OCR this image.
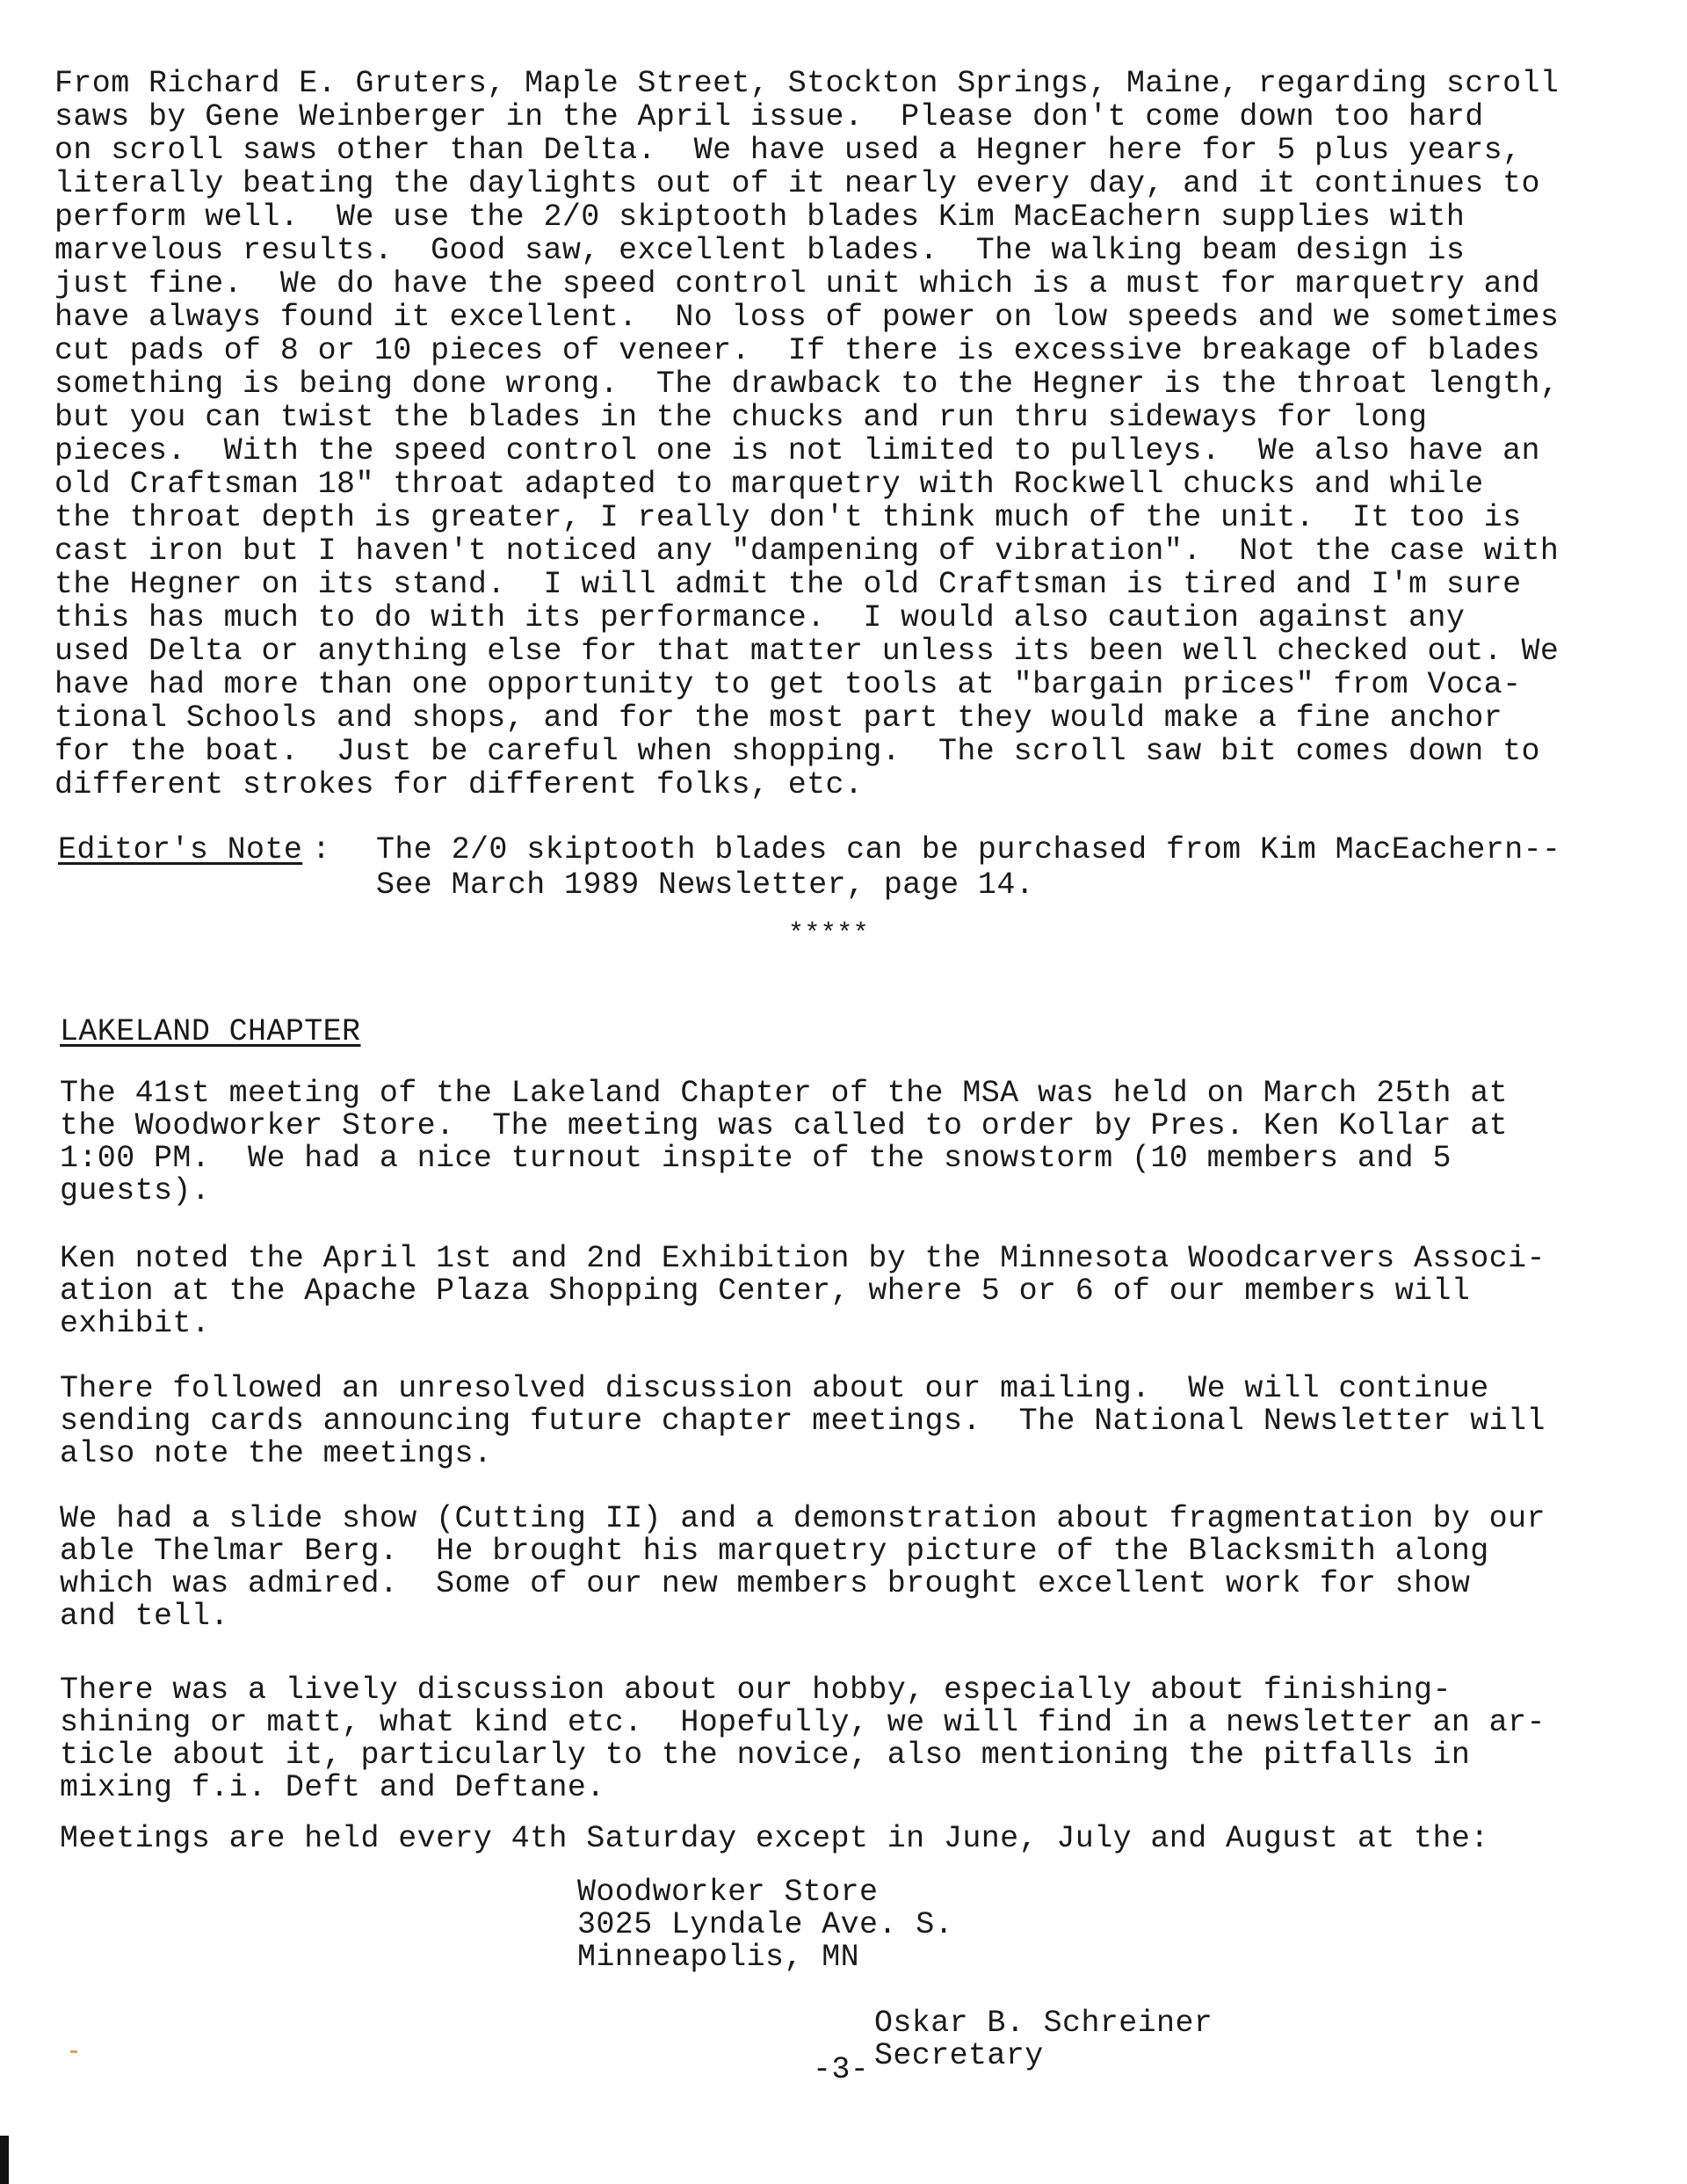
From Richard E. Gruters, Maple Street, Stockton Springs, Maine, regarding scroll
saws by Gene Weinberger in the April issue.  Please don't come down too hard
on scroll saws other than Delta.  We have used a Hegner here for 5 plus years,
literally beating the daylights out of it nearly every day, and it continues to
perform well.  We use the 2/0 skiptooth blades Kim MacEachern supplies with
marvelous results.  Good saw, excellent blades.  The walking beam design is
just fine.  We do have the speed control unit which is a must for marquetry and
have always found it excellent.  No loss of power on low speeds and we sometimes
cut pads of 8 or 10 pieces of veneer.  If there is excessive breakage of blades
something is being done wrong.  The drawback to the Hegner is the throat length,
but you can twist the blades in the chucks and run thru sideways for long
pieces.  With the speed control one is not limited to pulleys.  We also have an
old Craftsman 18" throat adapted to marquetry with Rockwell chucks and while
the throat depth is greater, I really don't think much of the unit.  It too is
cast iron but I haven't noticed any "dampening of vibration".  Not the case with
the Hegner on its stand.  I will admit the old Craftsman is tired and I'm sure
this has much to do with its performance.  I would also caution against any
used Delta or anything else for that matter unless its been well checked out. We
have had more than one opportunity to get tools at "bargain prices" from Voca-
tional Schools and shops, and for the most part they would make a fine anchor
for the boat.  Just be careful when shopping.  The scroll saw bit comes down to
different strokes for different folks, etc.
Editor's Note : The 2/0 skiptooth blades can be purchased from Kim MacEachern--
See March 1989 Newsletter, page 14.
*****
LAKELAND CHAPTER
The 41st meeting of the Lakeland Chapter of the MSA was held on March 25th at
the Woodworker Store.  The meeting was called to order by Pres. Ken Kollar at
1:00 PM.  We had a nice turnout inspite of the snowstorm (10 members and 5
guests).
Ken noted the April 1st and 2nd Exhibition by the Minnesota Woodcarvers Associ-
ation at the Apache Plaza Shopping Center, where 5 or 6 of our members will
exhibit.
There followed an unresolved discussion about our mailing.  We will continue
sending cards announcing future chapter meetings.  The National Newsletter will
also note the meetings.
We had a slide show (Cutting II) and a demonstration about fragmentation by our
able Thelmar Berg.  He brought his marquetry picture of the Blacksmith along
which was admired.  Some of our new members brought excellent work for show
and tell.
There was a lively discussion about our hobby, especially about finishing-
shining or matt, what kind etc.  Hopefully, we will find in a newsletter an ar-
ticle about it, particularly to the novice, also mentioning the pitfalls in
mixing f.i. Deft and Deftane.
Meetings are held every 4th Saturday except in June, July and August at the:
Woodworker Store
3025 Lyndale Ave. S.
Minneapolis, MN
Oskar B. Schreiner
Secretary
-3-
